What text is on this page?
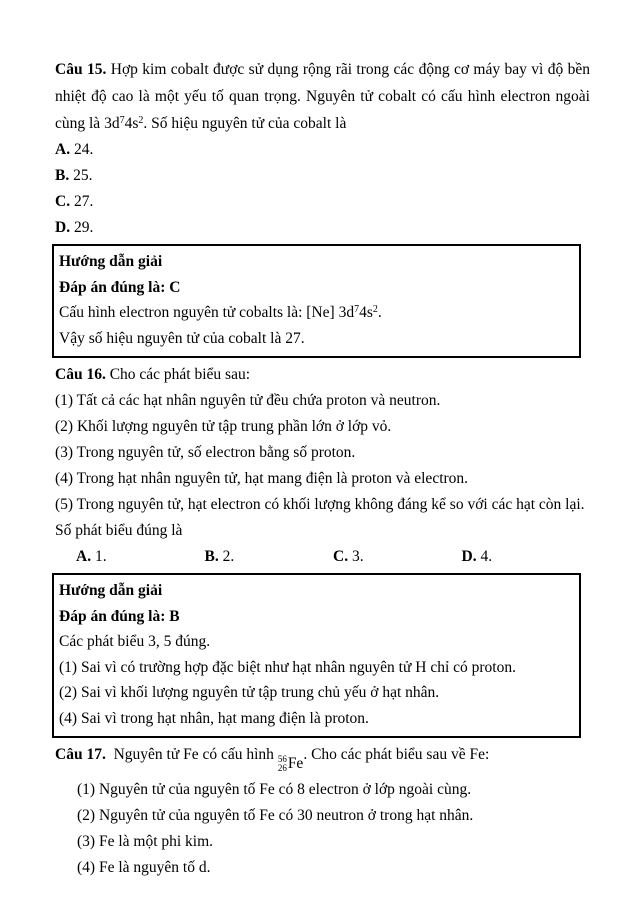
Câu 15. Hợp kim cobalt được sử dụng rộng rãi trong các động cơ máy bay vì độ bền nhiệt độ cao là một yếu tố quan trọng. Nguyên tử cobalt có cấu hình electron ngoài cùng là $3d^74s^2$. Số hiệu nguyên tử của cobalt là

A. 24.
B. 25.
C. 27.
D. 29.
Hướng dẫn giải
Đáp án đúng là: C
Cấu hình electron nguyên tử cobalts là: [Ne] $3d^74s^2$.
Vậy số hiệu nguyên tử của cobalt là 27.
Câu 16. Cho các phát biểu sau:
(1) Tất cả các hạt nhân nguyên tử đều chứa proton và neutron.
(2) Khối lượng nguyên tử tập trung phần lớn ở lớp vỏ.
(3) Trong nguyên tử, số electron bằng số proton.
(4) Trong hạt nhân nguyên tử, hạt mang điện là proton và electron.
(5) Trong nguyên tử, hạt electron có khối lượng không đáng kể so với các hạt còn lại.
Số phát biểu đúng là
A. 1.	B. 2.	C. 3.	D. 4.
Hướng dẫn giải
Đáp án đúng là: B
Các phát biểu 3, 5 đúng.
(1) Sai vì có trường hợp đặc biệt như hạt nhân nguyên tử H chỉ có proton.
(2) Sai vì khối lượng nguyên tử tập trung chủ yếu ở hạt nhân.
(4) Sai vì trong hạt nhân, hạt mang điện là proton.
Câu 17. Nguyên tử Fe có cấu hình 56
26 Fe
. Cho các phát biểu sau về Fe:
(1) Nguyên tử của nguyên tố Fe có 8 electron ở lớp ngoài cùng.
(2) Nguyên tử của nguyên tố Fe có 30 neutron ở trong hạt nhân.
(3) Fe là một phi kim.
(4) Fe là nguyên tố d.
